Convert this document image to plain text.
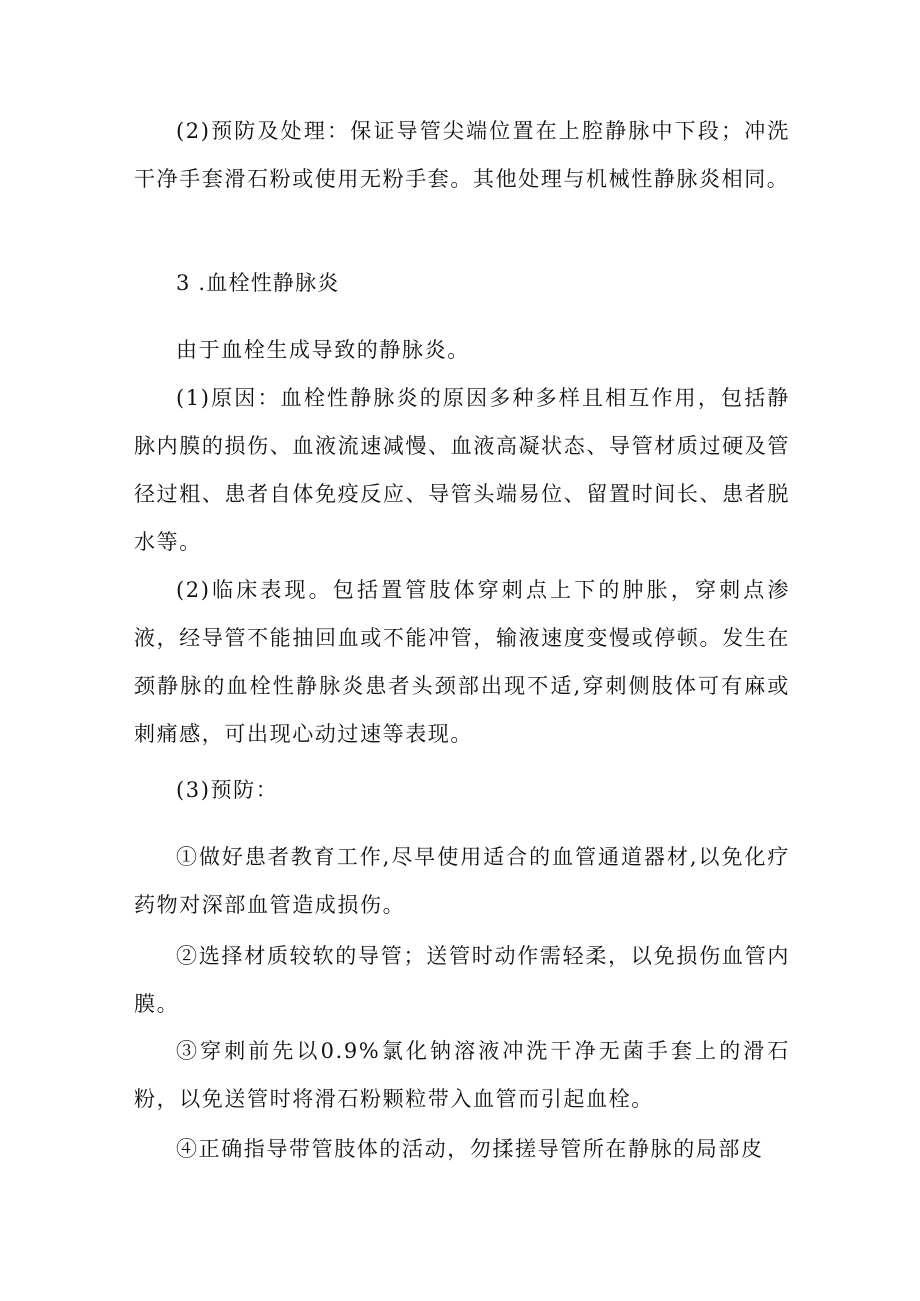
(2)预防及处理：保证导管尖端位置在上腔静脉中下段；冲洗干净手套滑石粉或使用无粉手套。其他处理与机械性静脉炎相同。

3 .血栓性静脉炎

由于血栓生成导致的静脉炎。

(1)原因：血栓性静脉炎的原因多种多样且相互作用，包括静脉内膜的损伤、血液流速减慢、血液高凝状态、导管材质过硬及管径过粗、患者自体免疫反应、导管头端易位、留置时间长、患者脱水等。

(2)临床表现。包括置管肢体穿刺点上下的肿胀，穿刺点渗液，经导管不能抽回血或不能冲管，输液速度变慢或停顿。发生在颈静脉的血栓性静脉炎患者头颈部出现不适,穿刺侧肢体可有麻或刺痛感，可出现心动过速等表现。

(3)预防：

①做好患者教育工作,尽早使用适合的血管通道器材,以免化疗药物对深部血管造成损伤。

②选择材质较软的导管；送管时动作需轻柔，以免损伤血管内膜。

③穿刺前先以0.9%氯化钠溶液冲洗干净无菌手套上的滑石粉，以免送管时将滑石粉颗粒带入血管而引起血栓。

④正确指导带管肢体的活动，勿揉搓导管所在静脉的局部皮
